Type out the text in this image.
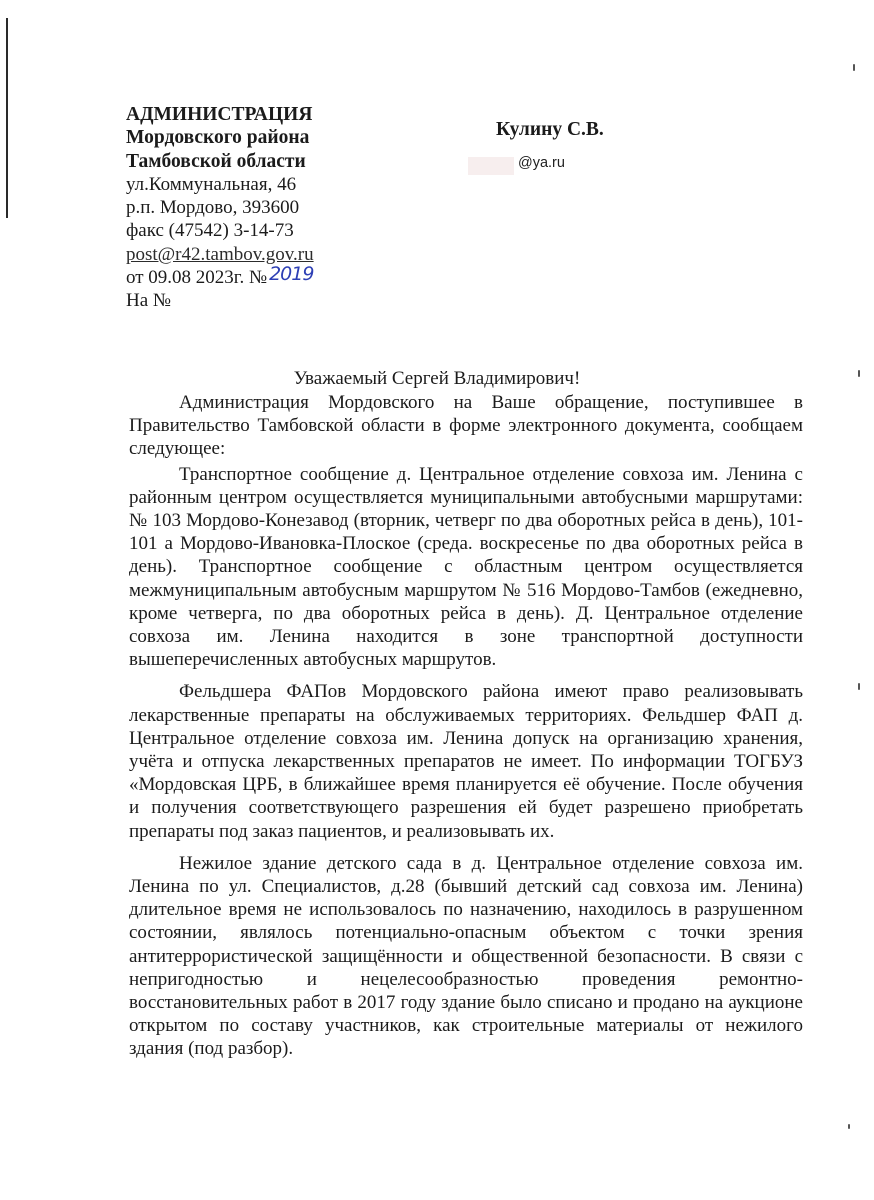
АДМИНИСТРАЦИЯ
Мордовского района
Тамбовской области
ул.Коммунальная, 46
р.п. Мордово, 393600
факс (47542) 3-14-73
post@r42.tambov.gov.ru
от 09.08 2023г. № 2019
На №
Кулину С.В.
@ya.ru
Уважаемый Сергей Владимирович!

Администрация Мордовского на Ваше обращение, поступившее в Правительство Тамбовской области в форме электронного документа, сообщаем следующее:

Транспортное сообщение д. Центральное отделение совхоза им. Ленина с районным центром осуществляется муниципальными автобусными маршрутами: № 103 Мордово-Конезавод (вторник, четверг по два оборотных рейса в день), 101-101 а Мордово-Ивановка-Плоское (среда. воскресенье по два оборотных рейса в день). Транспортное сообщение с областным центром осуществляется межмуниципальным автобусным маршрутом № 516 Мордово-Тамбов (ежедневно, кроме четверга, по два оборотных рейса в день). Д. Центральное отделение совхоза им. Ленина находится в зоне транспортной доступности вышеперечисленных автобусных маршрутов.

Фельдшера ФАПов Мордовского района имеют право реализовывать лекарственные препараты на обслуживаемых территориях. Фельдшер ФАП д. Центральное отделение совхоза им. Ленина допуск на организацию хранения, учёта и отпуска лекарственных препаратов не имеет. По информации ТОГБУЗ «Мордовская ЦРБ, в ближайшее время планируется её обучение. После обучения и получения соответствующего разрешения ей будет разрешено приобретать препараты под заказ пациентов, и реализовывать их.

Нежилое здание детского сада в д. Центральное отделение совхоза им. Ленина по ул. Специалистов, д.28 (бывший детский сад совхоза им. Ленина) длительное время не использовалось по назначению, находилось в разрушенном состоянии, являлось потенциально-опасным объектом с точки зрения антитеррористической защищённости и общественной безопасности. В связи с непригодностью и нецелесообразностью проведения ремонтно-восстановительных работ в 2017 году здание было списано и продано на аукционе открытом по составу участников, как строительные материалы от нежилого здания (под разбор).
